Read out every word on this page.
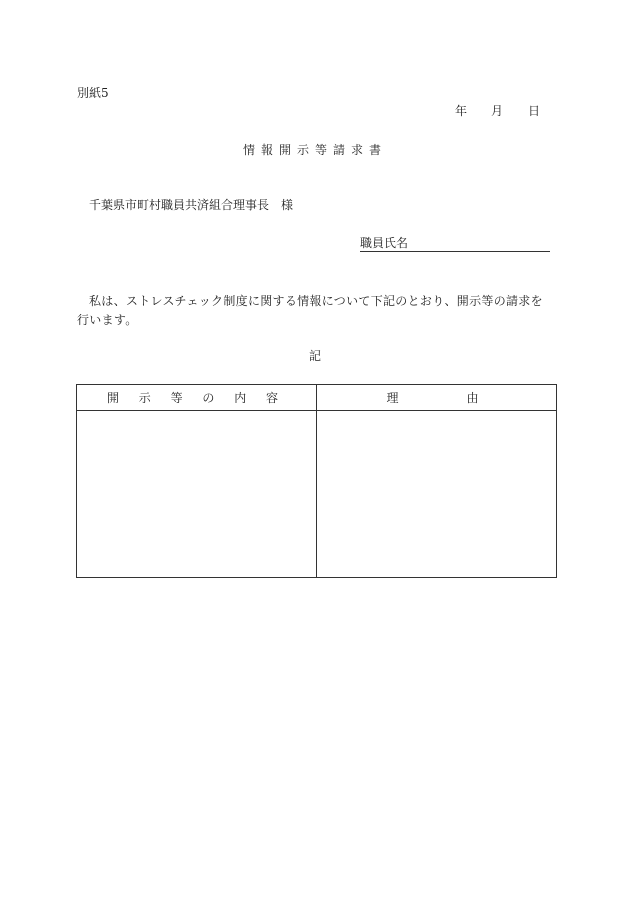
別紙5
年 月 日
情報開示等請求書
千葉県市町村職員共済組合理事長　様
職員氏名
私は、ストレスチェック制度に関する情報について下記のとおり、開示等の請求を行います。
記
開 示 等 の 内 容	理　　　由
